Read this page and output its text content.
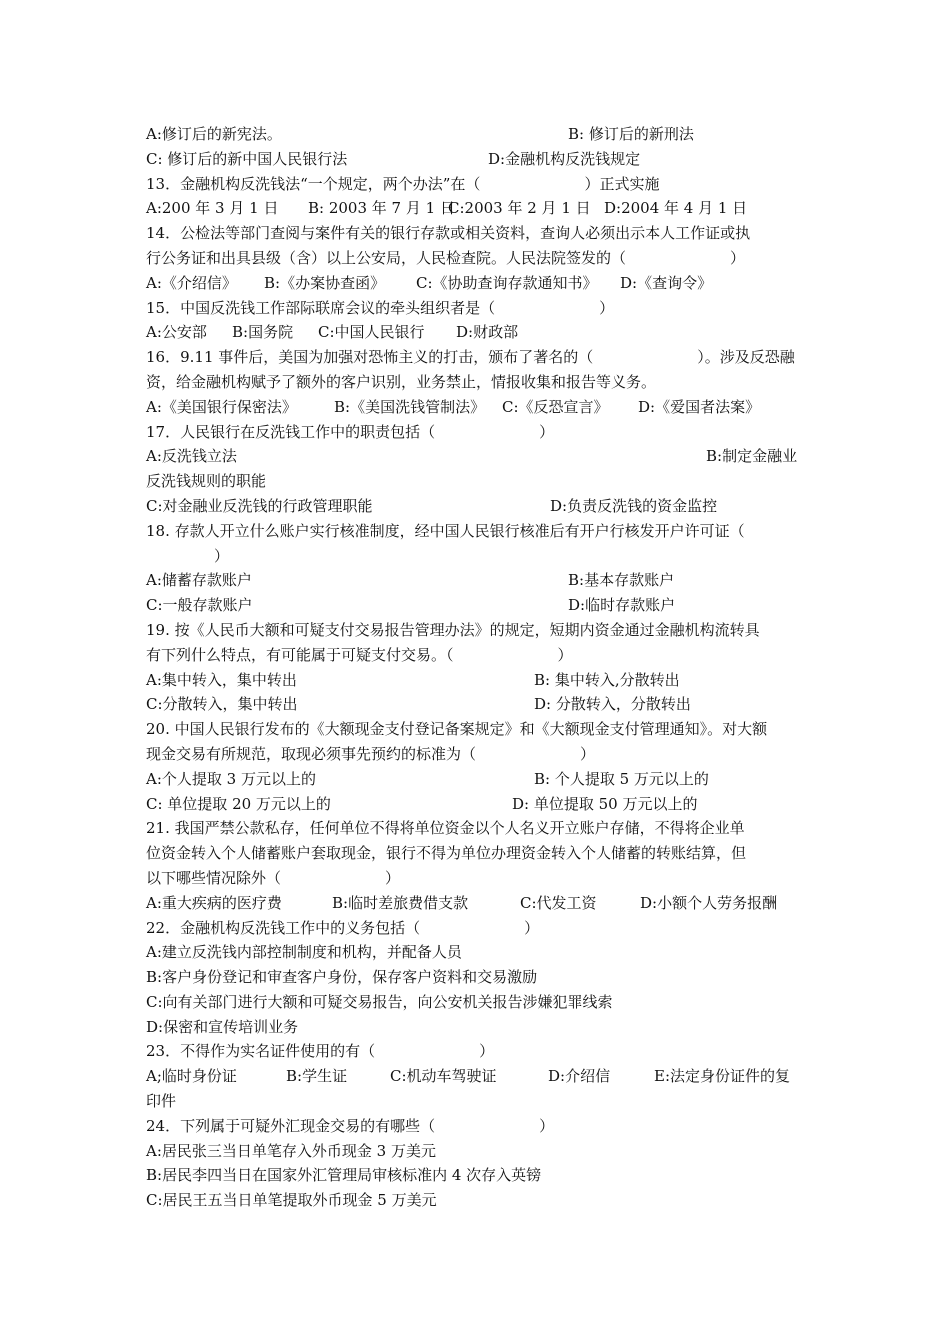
A:修订后的新宪法。	B: 修订后的新刑法
C: 修订后的新中国人民银行法	D:金融机构反洗钱规定
13．金融机构反洗钱法“一个规定，两个办法”在（	）正式实施
A:200 年 3 月 1 日 B: 2003 年 7 月 1 日
C:2003 年 2 月 1 日 D:2004 年 4 月 1 日
14．公检法等部门查阅与案件有关的银行存款或相关资料，查询人必须出示本人工作证或执
行公务证和出具县级（含）以上公安局，人民检查院。人民法院签发的（	）
A:《介绍信》 B:《办案协查函》 C:《协助查询存款通知书》 D:《查询令》
15．中国反洗钱工作部际联席会议的牵头组织者是（	）
A:公安部 B:国务院 C:中国人民银行 D:财政部
16．9.11 事件后，美国为加强对恐怖主义的打击，颁布了著名的（	）。涉及反恐融
资，给金融机构赋予了额外的客户识别，业务禁止，情报收集和报告等义务。
A:《美国银行保密法》 B:《美国洗钱管制法》 C:《反恐宣言》 D:《爱国者法案》
17．人民银行在反洗钱工作中的职责包括（	）
A:反洗钱立法	B:制定金融业
反洗钱规则的职能
C:对金融业反洗钱的行政管理职能	D:负责反洗钱的资金监控
18. 存款人开立什么账户实行核准制度，经中国人民银行核准后有开户行核发开户许可证（
）
A:储蓄存款账户	B:基本存款账户
C:一般存款账户	D:临时存款账户
19. 按《人民币大额和可疑支付交易报告管理办法》的规定，短期内资金通过金融机构流转具
有下列什么特点，有可能属于可疑支付交易。（	）
A:集中转入，集中转出	B: 集中转入,分散转出
C:分散转入，集中转出	D: 分散转入，分散转出
20. 中国人民银行发布的《大额现金支付登记备案规定》和《大额现金支付管理通知》。对大额
现金交易有所规范，取现必须事先预约的标准为（	）
A:个人提取 3 万元以上的	B: 个人提取 5 万元以上的
C: 单位提取 20 万元以上的	D: 单位提取 50 万元以上的
21. 我国严禁公款私存，任何单位不得将单位资金以个人名义开立账户存储，不得将企业单
位资金转入个人储蓄账户套取现金，银行不得为单位办理资金转入个人储蓄的转账结算，但
以下哪些情况除外（	）
A:重大疾病的医疗费	B:临时差旅费借支款	C:代发工资	D:小额个人劳务报酬
22．金融机构反洗钱工作中的义务包括（	）
A:建立反洗钱内部控制制度和机构，并配备人员
B:客户身份登记和审查客户身份，保存客户资料和交易激励
C:向有关部门进行大额和可疑交易报告，向公安机关报告涉嫌犯罪线索
D:保密和宣传培训业务
23．不得作为实名证件使用的有（	）
A;临时身份证	B:学生证	C:机动车驾驶证	D:介绍信	E:法定身份证件的复
印件
24．下列属于可疑外汇现金交易的有哪些（	）
A:居民张三当日单笔存入外币现金 3 万美元
B:居民李四当日在国家外汇管理局审核标准内 4 次存入英镑
C:居民王五当日单笔提取外币现金 5 万美元
